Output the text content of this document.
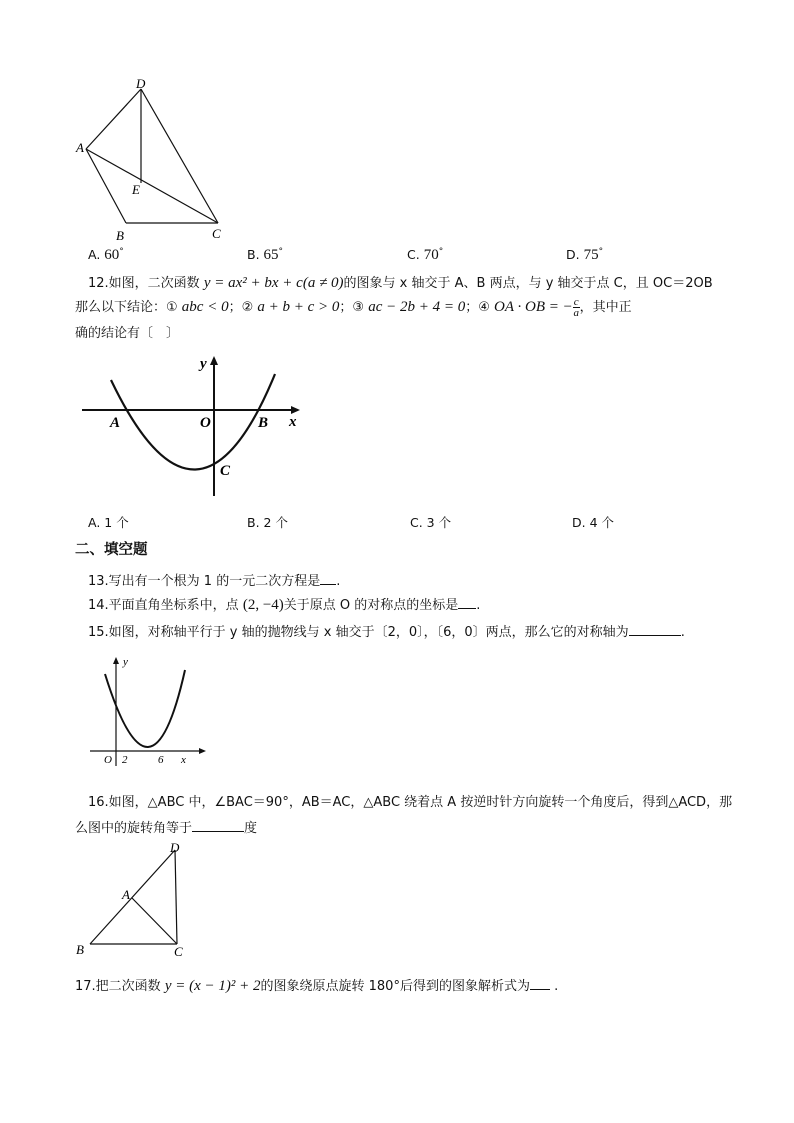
D
A
E
B	C
A. 60°	B. 65°	C. 70°	D. 75°
12.如图，二次函数 y = ax² + bx + c(a ≠ 0)的图象与 x 轴交于 A、B 两点，与 y 轴交于点 C，且 OC＝2OB
那么以下结论：① abc < 0；② a + b + c > 0；③ ac − 2b + 4 = 0；④ OA · OB = − $\frac{c}{a}$ ，其中正
确的结论有〔　〕
y
x
A	O	B
C
A. 1 个	B. 2 个	C. 3 个	D. 4 个
二、填空题
13.写出有一个根为 1 的一元二次方程是 .
14.平面直角坐标系中，点 (2, −4)关于原点 O 的对称点的坐标是 .
15.如图，对称轴平行于 y 轴的抛物线与 x 轴交于〔2，0〕，〔6，0〕两点，那么它的对称轴为	.
y
x
O 2	6
16.如图，△ABC 中，∠BAC＝90°，AB＝AC，△ABC 绕着点 A 按逆时针方向旋转一个角度后，得到△ACD，那
么图中的旋转角等于	度
D
A
B	C
17.把二次函数 y = (x − 1)² + 2的图象绕原点旋转 180°后得到的图象解析式为 .
